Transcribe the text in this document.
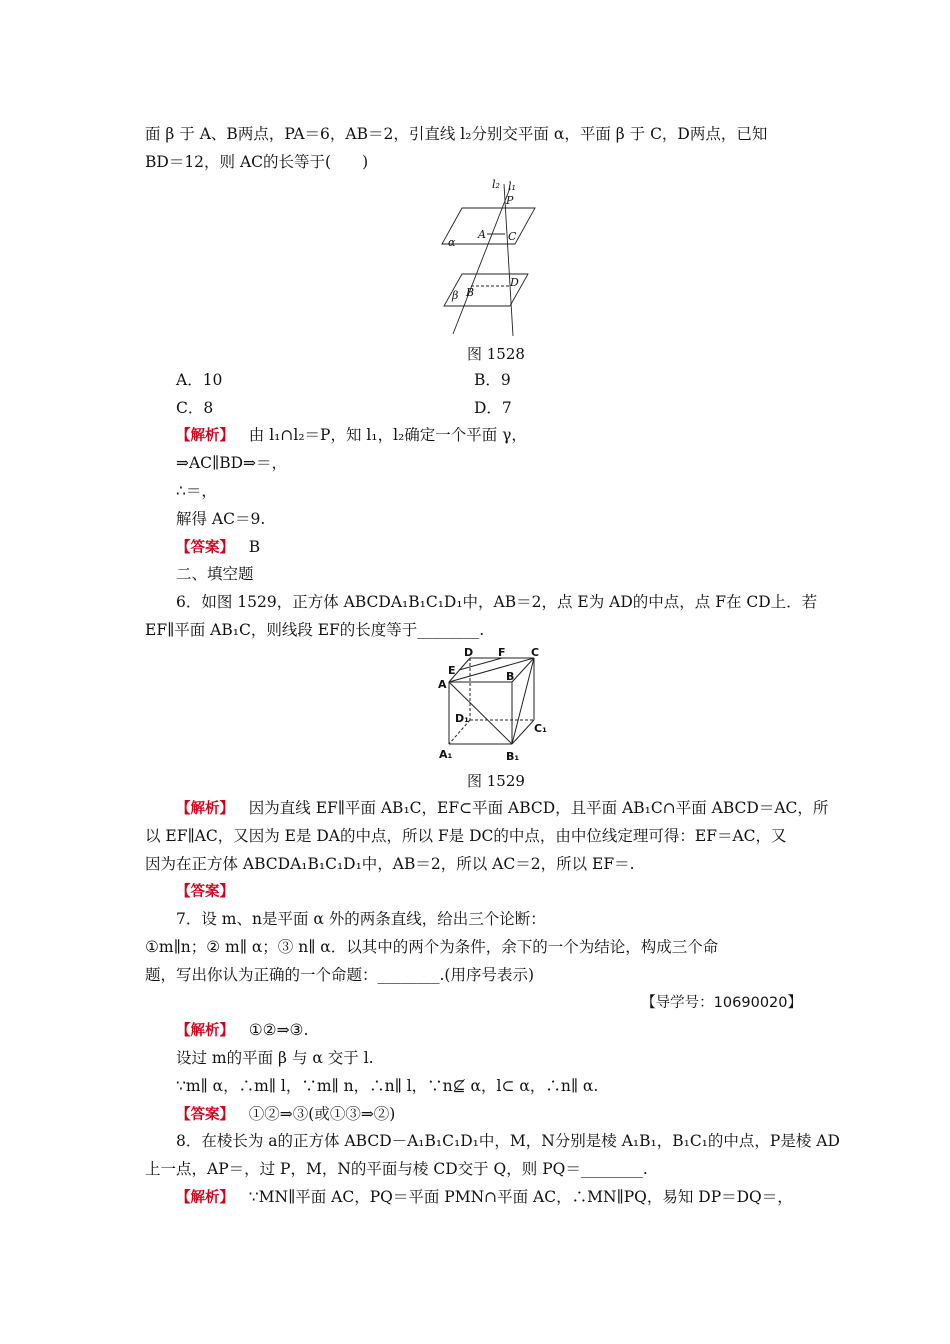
面 β 于 A、B两点，PA＝6，AB＝2，引直线 l₂分别交平面 α，平面 β 于 C，D两点，已知
BD＝12，则 AC的长等于(　　)
l₂ l₁
P
A C
α
B
D
β
图 1528
A．10	B．9
C．8	D．7
【解析】 由 l₁∩l₂＝P，知 l₁，l₂确定一个平面 γ，
⇒AC∥BD⇒＝，
∴＝，
解得 AC＝9.
【答案】 B
二、填空题
6．如图 1529，正方体 ABCDA₁B₁C₁D₁中，AB＝2，点 E为 AD的中点，点 F在 CD上．若
EF∥平面 AB₁C，则线段 EF的长度等于________.
D F C
E
A
B
D₁
C₁
A₁	B₁
图 1529
【解析】 因为直线 EF∥平面 AB₁C，EF⊂平面 ABCD，且平面 AB₁C∩平面 ABCD＝AC，所
以 EF∥AC，又因为 E是 DA的中点，所以 F是 DC的中点，由中位线定理可得：EF＝AC，又
因为在正方体 ABCDA₁B₁C₁D₁中，AB＝2，所以 AC＝2，所以 EF＝.
【答案】
7．设 m、n是平面 α 外的两条直线，给出三个论断：
①m∥n；② m∥ α；③ n∥ α．以其中的两个为条件，余下的一个为结论，构成三个命
题，写出你认为正确的一个命题：________.(用序号表示)
【导学号：10690020】
【解析】 ①②⇒③.
设过 m的平面 β 与 α 交于 l.
∵m∥ α，∴m∥ l，∵m∥ n，∴n∥ l，∵n⊈ α，l⊂ α，∴n∥ α.
【答案】 ①②⇒③(或①③⇒②)
8．在棱长为 a的正方体 ABCD－A₁B₁C₁D₁中，M，N分别是棱 A₁B₁，B₁C₁的中点，P是棱 AD
上一点，AP＝，过 P，M，N的平面与棱 CD交于 Q，则 PQ＝________.
【解析】 ∵MN∥平面 AC，PQ＝平面 PMN∩平面 AC，∴MN∥PQ，易知 DP＝DQ＝，
